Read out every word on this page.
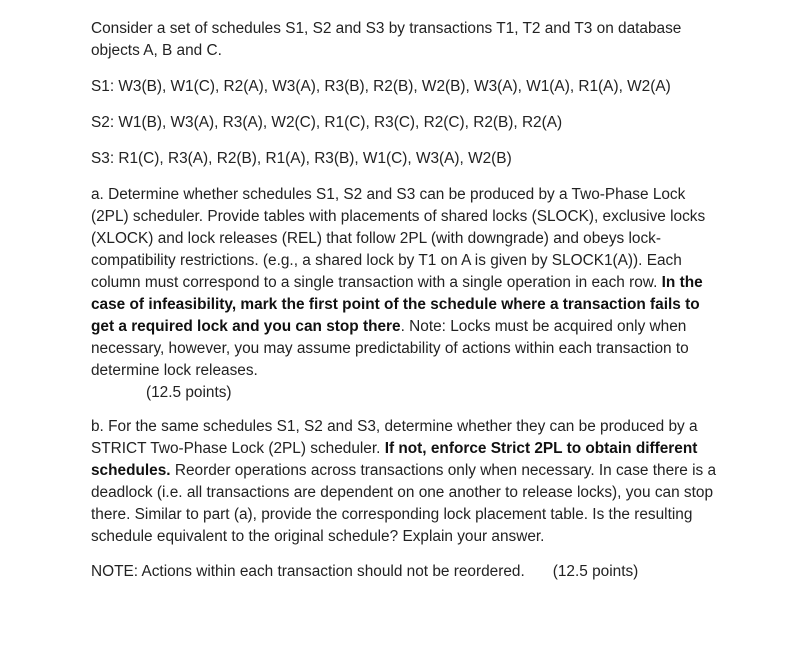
Consider a set of schedules S1, S2 and S3 by transactions T1, T2 and T3 on database objects A, B and C.

S1: W3(B), W1(C), R2(A), W3(A), R3(B), R2(B), W2(B), W3(A), W1(A), R1(A), W2(A)

S2: W1(B), W3(A), R3(A), W2(C), R1(C), R3(C), R2(C), R2(B), R2(A)

S3: R1(C), R3(A), R2(B), R1(A), R3(B), W1(C), W3(A), W2(B)

a. Determine whether schedules S1, S2 and S3 can be produced by a Two-Phase Lock (2PL) scheduler. Provide tables with placements of shared locks (SLOCK), exclusive locks (XLOCK) and lock releases (REL) that follow 2PL (with downgrade) and obeys lock-compatibility restrictions. (e.g., a shared lock by T1 on A is given by SLOCK1(A)). Each column must correspond to a single transaction with a single operation in each row. In the case of infeasibility, mark the first point of the schedule where a transaction fails to get a required lock and you can stop there. Note: Locks must be acquired only when necessary, however, you may assume predictability of actions within each transaction to determine lock releases.

(12.5 points)

b. For the same schedules S1, S2 and S3, determine whether they can be produced by a STRICT Two-Phase Lock (2PL) scheduler. If not, enforce Strict 2PL to obtain different schedules. Reorder operations across transactions only when necessary. In case there is a deadlock (i.e. all transactions are dependent on one another to release locks), you can stop there. Similar to part (a), provide the corresponding lock placement table. Is the resulting schedule equivalent to the original schedule? Explain your answer.

NOTE: Actions within each transaction should not be reordered. (12.5 points)
